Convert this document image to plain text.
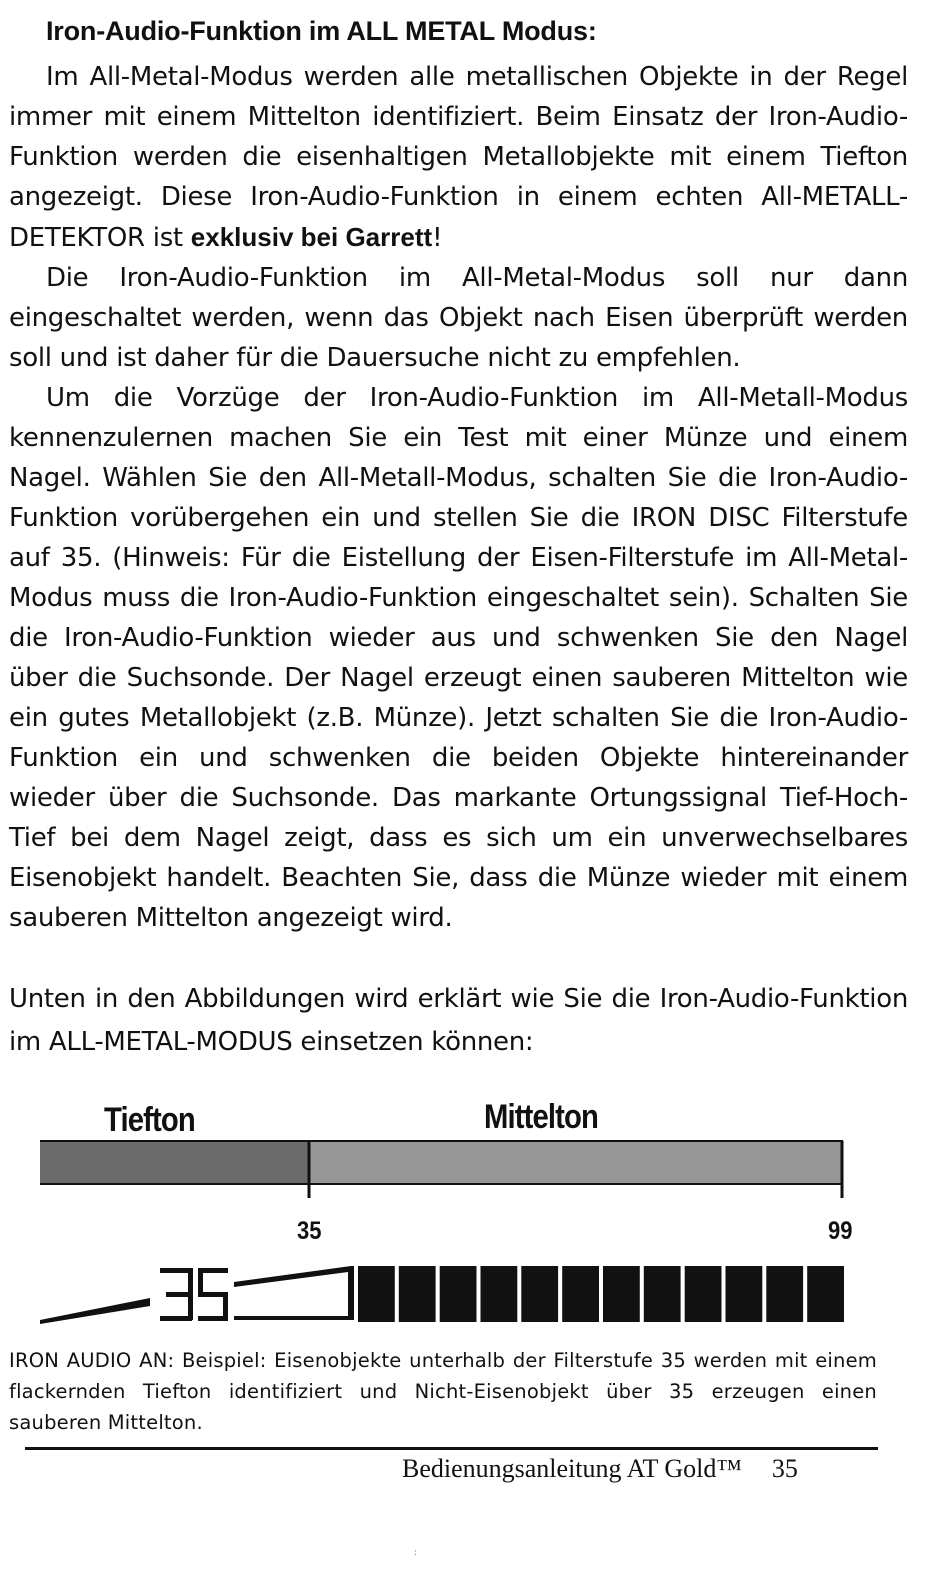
Iron-Audio-Funktion im ALL METAL Modus:

Im All-Metal-Modus werden alle metallischen Objekte in der Regel immer mit einem Mittelton identifiziert. Beim Einsatz der Iron-Audio-Funktion werden die eisenhaltigen Metallobjekte mit einem Tiefton angezeigt. Diese Iron-Audio-Funktion in einem echten All-METALL-DETEKTOR ist exklusiv bei Garrett!

Die Iron-Audio-Funktion im All-Metal-Modus soll nur dann eingeschaltet werden, wenn das Objekt nach Eisen überprüft werden soll und ist daher für die Dauersuche nicht zu empfehlen.

Um die Vorzüge der Iron-Audio-Funktion im All-Metall-Modus kennenzulernen machen Sie ein Test mit einer Münze und einem Nagel. Wählen Sie den All-Metall-Modus, schalten Sie die Iron-Audio-Funktion vorübergehen ein und stellen Sie die IRON DISC Filterstufe auf 35. (Hinweis: Für die Eistellung der Eisen-Filterstufe im All-Metal-Modus muss die Iron-Audio-Funktion eingeschaltet sein). Schalten Sie die Iron-Audio-Funktion wieder aus und schwenken Sie den Nagel über die Suchsonde. Der Nagel erzeugt einen sauberen Mittelton wie ein gutes Metallobjekt (z.B. Münze). Jetzt schalten Sie die Iron-Audio-Funktion ein und schwenken die beiden Objekte hintereinander wieder über die Suchsonde. Das markante Ortungssignal Tief-Hoch-Tief bei dem Nagel zeigt, dass es sich um ein unverwechselbares Eisenobjekt handelt. Beachten Sie, dass die Münze wieder mit einem sauberen Mittelton angezeigt wird.

Unten in den Abbildungen wird erklärt wie Sie die Iron-Audio-Funktion im ALL-METAL-MODUS einsetzen können:

Tiefton	Mittelton
35	99

IRON AUDIO AN: Beispiel: Eisenobjekte unterhalb der Filterstufe 35 werden mit einem flackernden Tiefton identifiziert und Nicht-Eisenobjekt über 35 erzeugen einen sauberen Mittelton.

Bedienungsanleitung AT Gold™ 35
:
